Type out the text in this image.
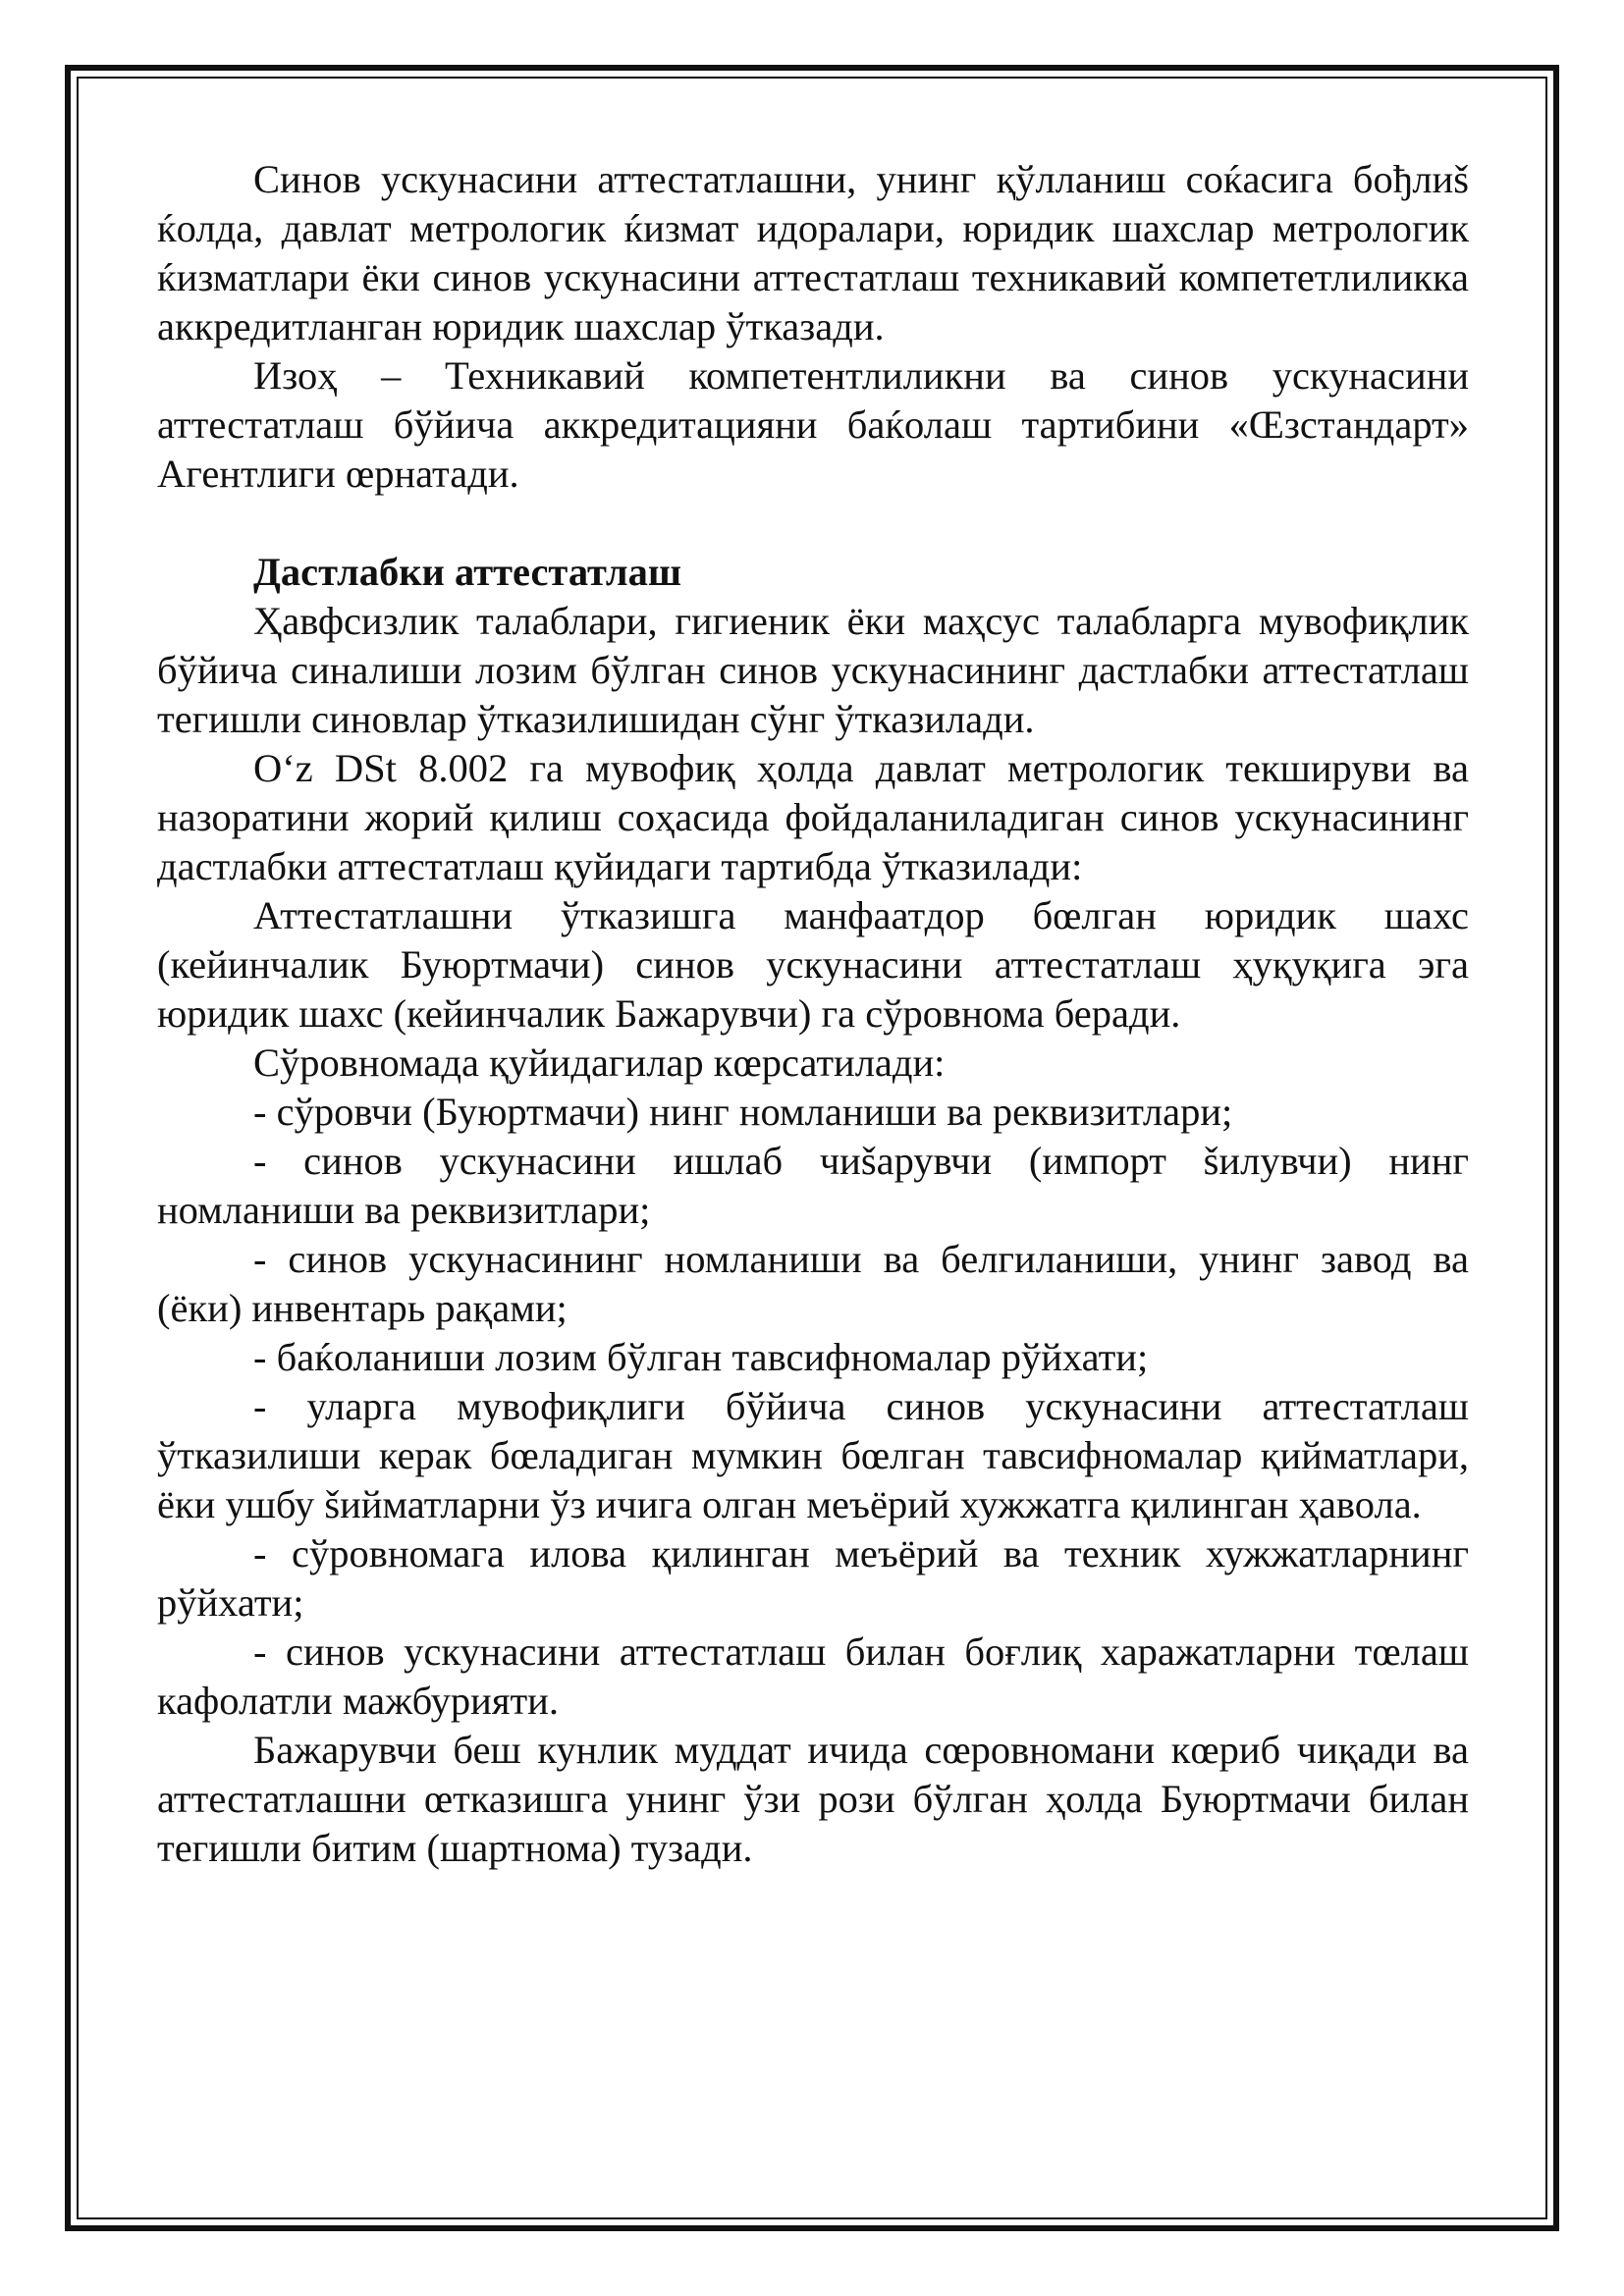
Синов ускунасини аттестатлашни, унинг қўлланиш соќасига бођлиš ќолда, давлат метрологик ќизмат идоралари, юридик шахслар метрологик ќизматлари ёки синов ускунасини аттестатлаш техникавий компететлиликка аккредитланган юридик шахслар ўтказади.

Изоҳ – Техникавий компетентлиликни ва синов ускунасини аттестатлаш бўйича аккредитацияни баќолаш тартибини «Œзстандарт» Агентлиги œрнатади.

Дастлабки аттестатлаш

Ҳавфсизлик талаблари, гигиеник ёки маҳсус талабларга мувофиқлик бўйича синалиши лозим бўлган синов ускунасининг дастлабки аттестатлаш тегишли синовлар ўтказилишидан сўнг ўтказилади.

O‘z DSt 8.002 га мувофиқ ҳолда давлат метрологик текшируви ва назоратини жорий қилиш соҳасида фойдаланиладиган синов ускунасининг дастлабки аттестатлаш қуйидаги тартибда ўтказилади:

Аттестатлашни ўтказишга манфаатдор бœлган юридик шахс (кейинчалик Буюртмачи) синов ускунасини аттестатлаш ҳуқуқига эга юридик шахс (кейинчалик Бажарувчи) га сўровнома беради.

Сўровномада қуйидагилар кœрсатилади:

- сўровчи (Буюртмачи) нинг номланиши ва реквизитлари;

- синов ускунасини ишлаб чиšарувчи (импорт šилувчи) нинг номланиши ва реквизитлари;

- синов ускунасининг номланиши ва белгиланиши, унинг завод ва (ёки) инвентарь рақами;

- баќоланиши лозим бўлган тавсифномалар рўйхати;

- уларга мувофиқлиги бўйича синов ускунасини аттестатлаш ўтказилиши керак бœладиган мумкин бœлган тавсифномалар қийматлари, ёки ушбу šийматларни ўз ичига олган меъёрий хужжатга қилинган ҳавола.

- сўровномага илова қилинган меъёрий ва техник хужжатларнинг рўйхати;

- синов ускунасини аттестатлаш билан боғлиқ харажатларни тœлаш кафолатли мажбурияти.

Бажарувчи беш кунлик муддат ичида сœровномани кœриб чиқади ва аттестатлашни œтказишга унинг ўзи рози бўлган ҳолда Буюртмачи билан тегишли битим (шартнома) тузади.
